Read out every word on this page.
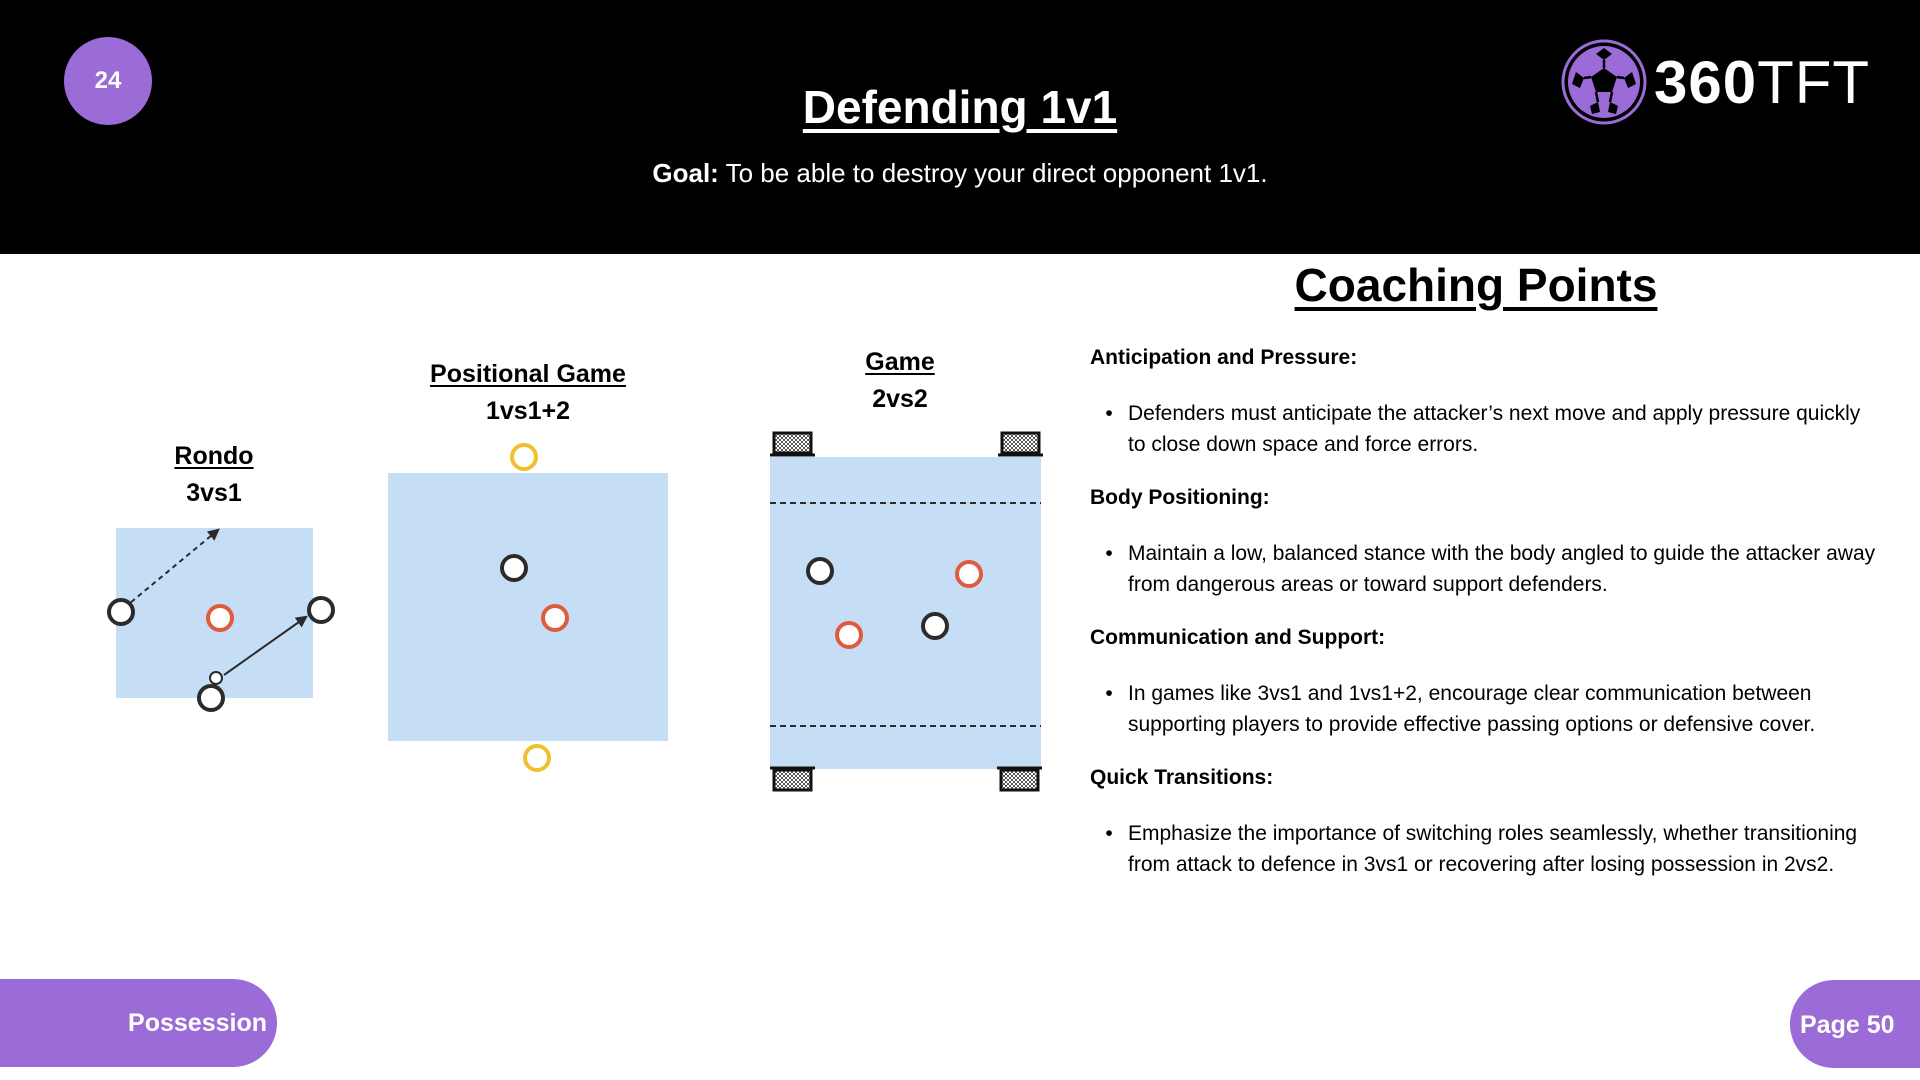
24
Defending 1v1
Goal: To be able to destroy your direct opponent 1v1.
360TFT
Rondo
3vs1
Positional Game
1vs1+2
Game
2vs2
Coaching Points
Anticipation and Pressure:
• Defenders must anticipate the attacker’s next move and apply pressure quickly to close down space and force errors.
Body Positioning:
• Maintain a low, balanced stance with the body angled to guide the attacker away from dangerous areas or toward support defenders.
Communication and Support:
• In games like 3vs1 and 1vs1+2, encourage clear communication between supporting players to provide effective passing options or defensive cover.
Quick Transitions:
• Emphasize the importance of switching roles seamlessly, whether transitioning from attack to defence in 3vs1 or recovering after losing possession in 2vs2.
Possession	Page 50
